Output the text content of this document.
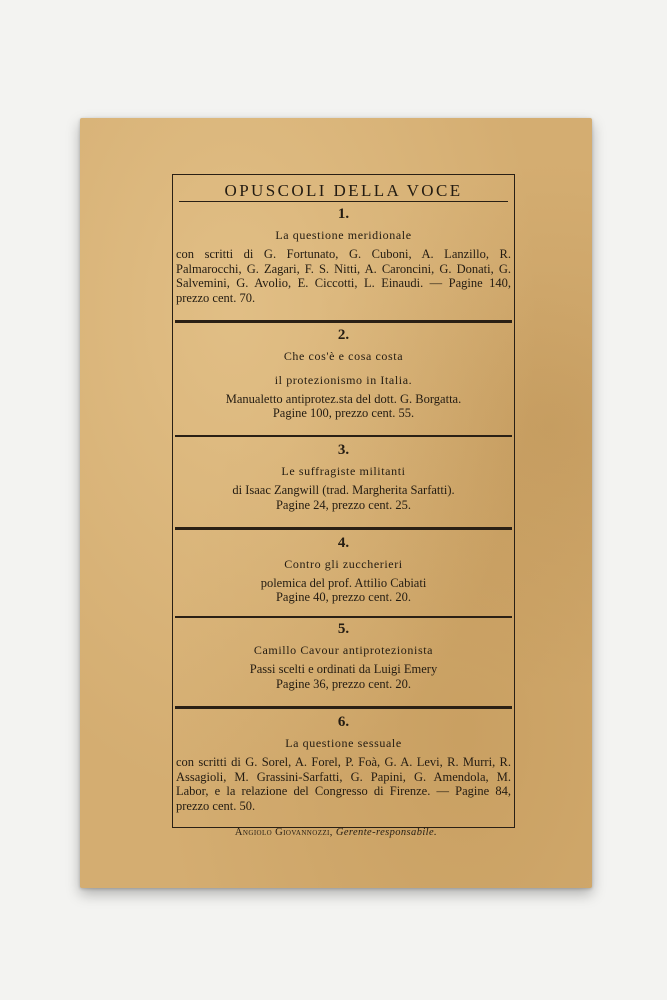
OPUSCOLI DELLA VOCE
1.
La questione meridionale
con scritti di G. Fortunato, G. Cuboni, A. Lanzillo, R. Palmarocchi, G. Zagari, F. S. Nitti, A. Caroncini, G. Donati, G. Salvemini, G. Avolio, E. Ciccotti, L. Einaudi. — Pagine 140, prezzo cent. 70.
2.
Che cos'è e cosa costa
il protezionismo in Italia.
Manualetto antiprotez.sta del dott. G. Borgatta.
Pagine 100, prezzo cent. 55.
3.
Le suffragiste militanti
di Isaac Zangwill (trad. Margherita Sarfatti).
Pagine 24, prezzo cent. 25.
4.
Contro gli zuccherieri
polemica del prof. Attilio Cabiati
Pagine 40, prezzo cent. 20.
5.
Camillo Cavour antiprotezionista
Passi scelti e ordinati da Luigi Emery
Pagine 36, prezzo cent. 20.
6.
La questione sessuale
con scritti di G. Sorel, A. Forel, P. Foà, G. A. Levi, R. Murri, R. Assagioli, M. Grassini-Sarfatti, G. Papini, G. Amendola, M. Labor, e la relazione del Congresso di Firenze. — Pagine 84, prezzo cent. 50.
Angiolo Giovannozzi, Gerente-responsabile.
